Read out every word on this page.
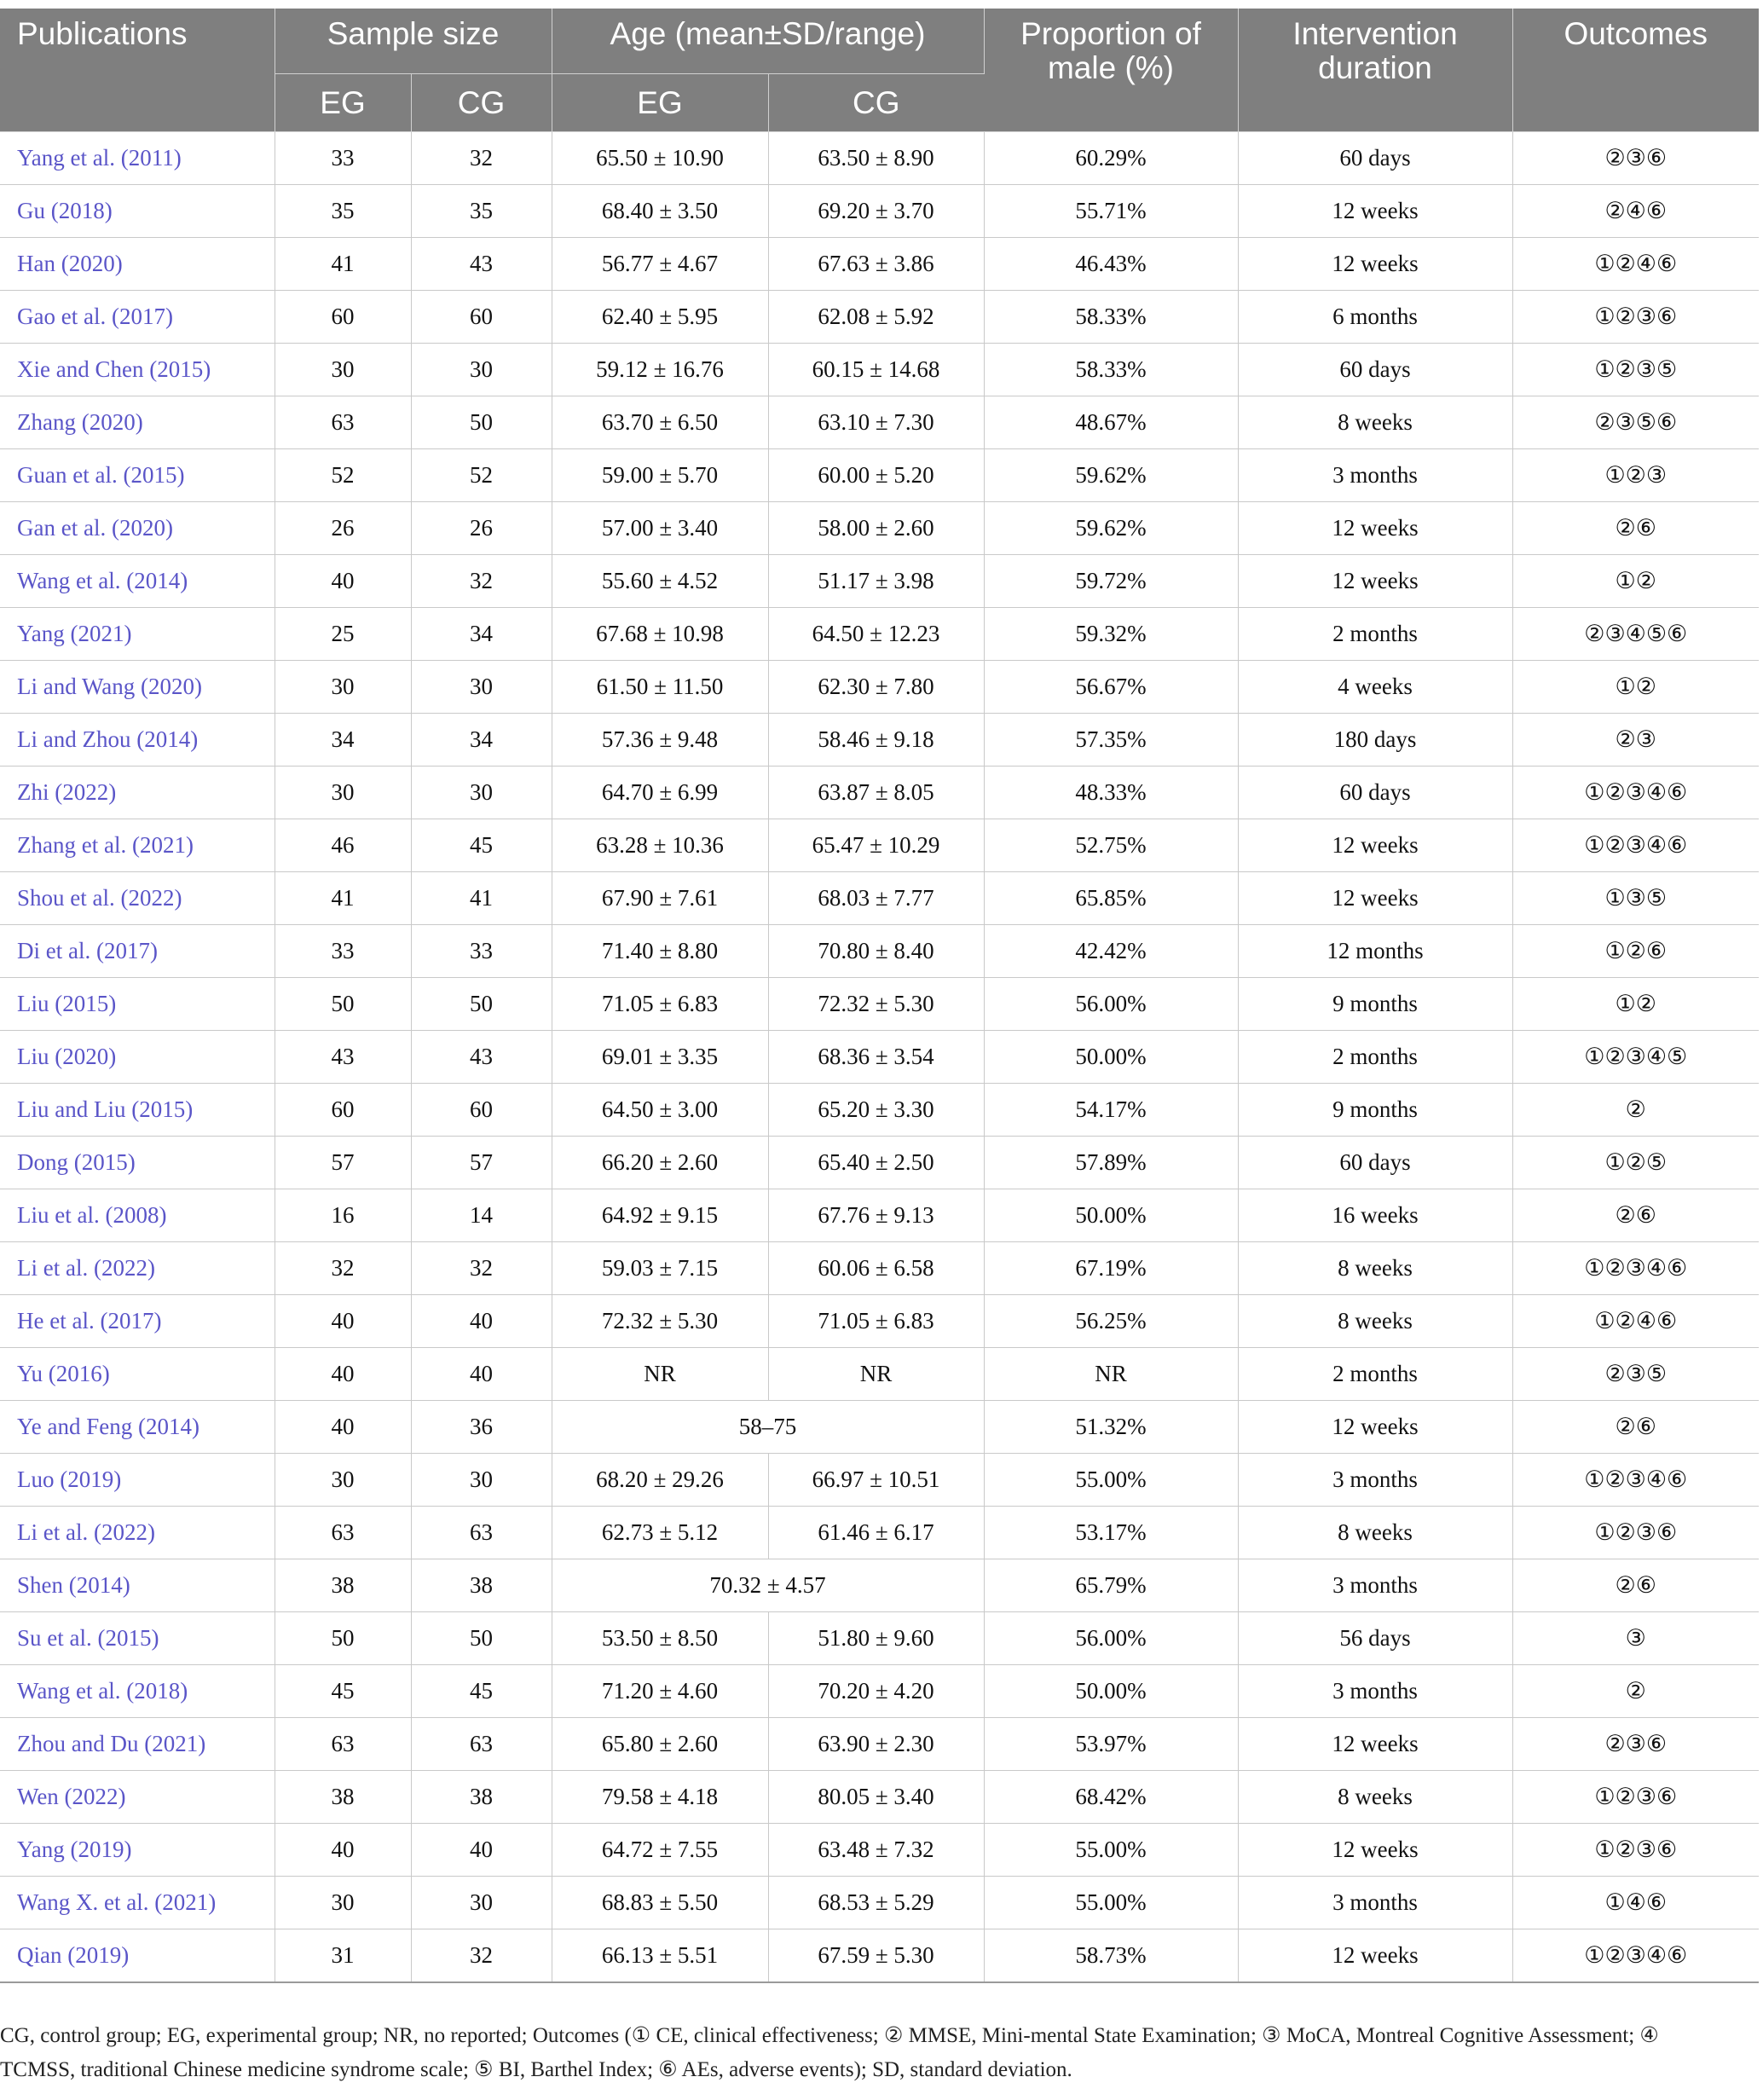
Publications	Sample size		Age (mean±SD/range)		Proportion of male (%)	Intervention duration	Outcomes
	EG	CG	EG	CG			
Yang et al. (2011)	33	32	65.50 ± 10.90	63.50 ± 8.90	60.29%	60 days	②③⑥
Gu (2018)	35	35	68.40 ± 3.50	69.20 ± 3.70	55.71%	12 weeks	②④⑥
Han (2020)	41	43	56.77 ± 4.67	67.63 ± 3.86	46.43%	12 weeks	①②④⑥
Gao et al. (2017)	60	60	62.40 ± 5.95	62.08 ± 5.92	58.33%	6 months	①②③⑥
Xie and Chen (2015)	30	30	59.12 ± 16.76	60.15 ± 14.68	58.33%	60 days	①②③⑤
Zhang (2020)	63	50	63.70 ± 6.50	63.10 ± 7.30	48.67%	8 weeks	②③⑤⑥
Guan et al. (2015)	52	52	59.00 ± 5.70	60.00 ± 5.20	59.62%	3 months	①②③
Gan et al. (2020)	26	26	57.00 ± 3.40	58.00 ± 2.60	59.62%	12 weeks	②⑥
Wang et al. (2014)	40	32	55.60 ± 4.52	51.17 ± 3.98	59.72%	12 weeks	①②
Yang (2021)	25	34	67.68 ± 10.98	64.50 ± 12.23	59.32%	2 months	②③④⑤⑥
Li and Wang (2020)	30	30	61.50 ± 11.50	62.30 ± 7.80	56.67%	4 weeks	①②
Li and Zhou (2014)	34	34	57.36 ± 9.48	58.46 ± 9.18	57.35%	180 days	②③
Zhi (2022)	30	30	64.70 ± 6.99	63.87 ± 8.05	48.33%	60 days	①②③④⑥
Zhang et al. (2021)	46	45	63.28 ± 10.36	65.47 ± 10.29	52.75%	12 weeks	①②③④⑥
Shou et al. (2022)	41	41	67.90 ± 7.61	68.03 ± 7.77	65.85%	12 weeks	①③⑤
Di et al. (2017)	33	33	71.40 ± 8.80	70.80 ± 8.40	42.42%	12 months	①②⑥
Liu (2015)	50	50	71.05 ± 6.83	72.32 ± 5.30	56.00%	9 months	①②
Liu (2020)	43	43	69.01 ± 3.35	68.36 ± 3.54	50.00%	2 months	①②③④⑤
Liu and Liu (2015)	60	60	64.50 ± 3.00	65.20 ± 3.30	54.17%	9 months	②
Dong (2015)	57	57	66.20 ± 2.60	65.40 ± 2.50	57.89%	60 days	①②⑤
Liu et al. (2008)	16	14	64.92 ± 9.15	67.76 ± 9.13	50.00%	16 weeks	②⑥
Li et al. (2022)	32	32	59.03 ± 7.15	60.06 ± 6.58	67.19%	8 weeks	①②③④⑥
He et al. (2017)	40	40	72.32 ± 5.30	71.05 ± 6.83	56.25%	8 weeks	①②④⑥
Yu (2016)	40	40	NR	NR	NR	2 months	②③⑤
Ye and Feng (2014)	40	36	58–75		51.32%	12 weeks	②⑥
Luo (2019)	30	30	68.20 ± 29.26	66.97 ± 10.51	55.00%	3 months	①②③④⑥
Li et al. (2022)	63	63	62.73 ± 5.12	61.46 ± 6.17	53.17%	8 weeks	①②③⑥
Shen (2014)	38	38	70.32 ± 4.57		65.79%	3 months	②⑥
Su et al. (2015)	50	50	53.50 ± 8.50	51.80 ± 9.60	56.00%	56 days	③
Wang et al. (2018)	45	45	71.20 ± 4.60	70.20 ± 4.20	50.00%	3 months	②
Zhou and Du (2021)	63	63	65.80 ± 2.60	63.90 ± 2.30	53.97%	12 weeks	②③⑥
Wen (2022)	38	38	79.58 ± 4.18	80.05 ± 3.40	68.42%	8 weeks	①②③⑥
Yang (2019)	40	40	64.72 ± 7.55	63.48 ± 7.32	55.00%	12 weeks	①②③⑥
Wang X. et al. (2021)	30	30	68.83 ± 5.50	68.53 ± 5.29	55.00%	3 months	①④⑥
Qian (2019)	31	32	66.13 ± 5.51	67.59 ± 5.30	58.73%	12 weeks	①②③④⑥
CG, control group; EG, experimental group; NR, no reported; Outcomes (① CE, clinical effectiveness; ② MMSE, Mini-mental State Examination; ③ MoCA, Montreal Cognitive Assessment; ④
TCMSS, traditional Chinese medicine syndrome scale; ⑤ BI, Barthel Index; ⑥ AEs, adverse events); SD, standard deviation.
